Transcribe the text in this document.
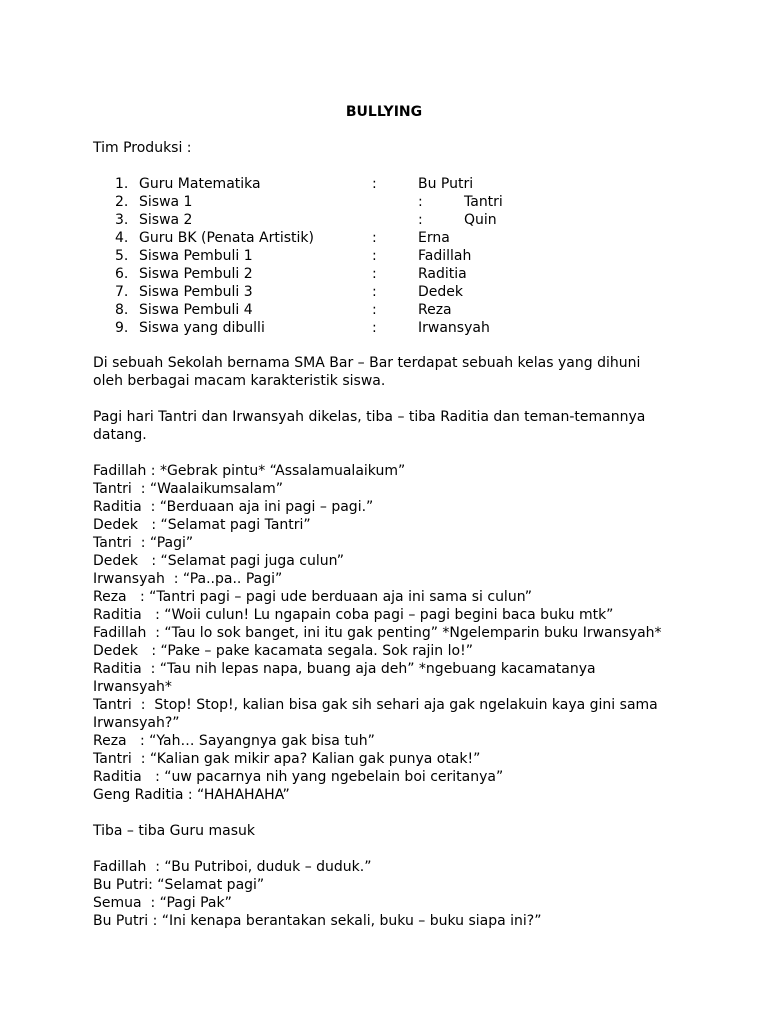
BULLYING
Tim Produksi :
1. Guru Matematika	:	Bu Putri
2. Siswa 1	:	Tantri
3. Siswa 2	:	Quin
4. Guru BK (Penata Artistik)	:	Erna
5. Siswa Pembuli 1	:	Fadillah
6. Siswa Pembuli 2	:	Raditia
7. Siswa Pembuli 3	:	Dedek
8. Siswa Pembuli 4	:	Reza
9. Siswa yang dibulli	:	Irwansyah
Di sebuah Sekolah bernama SMA Bar – Bar terdapat sebuah kelas yang dihuni
oleh berbagai macam karakteristik siswa.
Pagi hari Tantri dan Irwansyah dikelas, tiba – tiba Raditia dan teman-temannya
datang.
Fadillah : *Gebrak pintu* “Assalamualaikum”
Tantri  : “Waalaikumsalam”
Raditia  : “Berduaan aja ini pagi – pagi.”
Dedek   : “Selamat pagi Tantri”
Tantri  : “Pagi”
Dedek   : “Selamat pagi juga culun”
Irwansyah  : “Pa..pa.. Pagi”
Reza   : “Tantri pagi – pagi ude berduaan aja ini sama si culun”
Raditia   : “Woii culun! Lu ngapain coba pagi – pagi begini baca buku mtk”
Fadillah  : “Tau lo sok banget, ini itu gak penting” *Ngelemparin buku Irwansyah*
Dedek   : “Pake – pake kacamata segala. Sok rajin lo!”
Raditia  : “Tau nih lepas napa, buang aja deh” *ngebuang kacamatanya
Irwansyah*
Tantri  :  Stop! Stop!, kalian bisa gak sih sehari aja gak ngelakuin kaya gini sama
Irwansyah?”
Reza   : “Yah… Sayangnya gak bisa tuh”
Tantri  : “Kalian gak mikir apa? Kalian gak punya otak!”
Raditia   : “uw pacarnya nih yang ngebelain boi ceritanya”
Geng Raditia : “HAHAHAHA”
Tiba – tiba Guru masuk
Fadillah  : “Bu Putriboi, duduk – duduk.”
Bu Putri: “Selamat pagi”
Semua  : “Pagi Pak”
Bu Putri : “Ini kenapa berantakan sekali, buku – buku siapa ini?”
